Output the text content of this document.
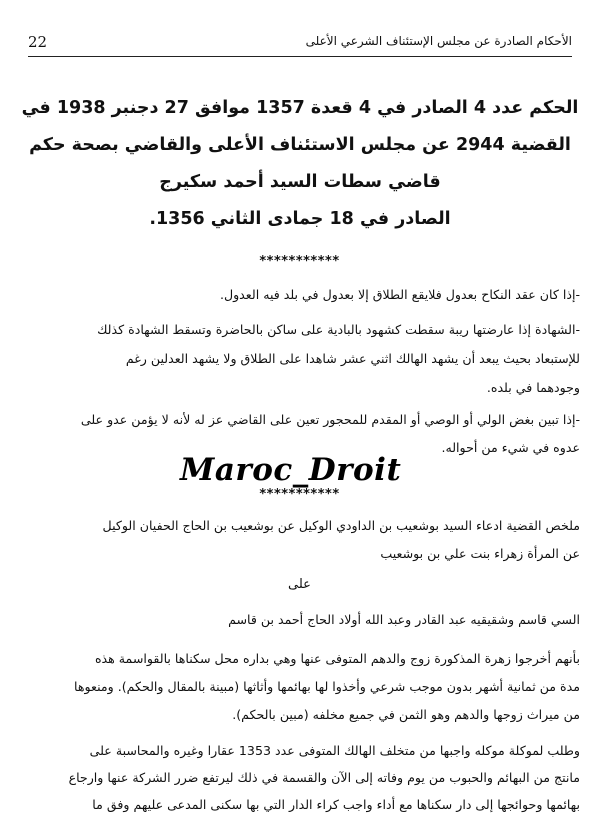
22	الأحكام الصادرة عن مجلس الإستئناف الشرعي الأعلى
الحكم عدد 4 الصادر في 4 قعدة 1357 موافق 27 دجنبر 1938 في
القضية 2944 عن مجلس الاستئناف الأعلى والقاضي بصحة حكم
قاضي سطات السيد أحمد سكيرج
الصادر في 18 جمادى الثاني 1356.
***********
-إذا كان عقد النكاح بعدول فلايقع الطلاق إلا بعدول في بلد فيه العدول.
-الشهادة إذا عارضتها ريبة سقطت كشهود بالبادية على ساكن بالحاضرة وتسقط الشهادة كذلك
للإستبعاد بحيث يبعد أن يشهد الهالك اثني عشر شاهدا على الطلاق ولا يشهد العدلين رغم
وجودهما في بلده.
-إذا تبين بغض الولي أو الوصي أو المقدم للمحجور تعين على القاضي عز له لأنه لا يؤمن عدو على
عدوه في شيء من أحواله.
Maroc_Droit
***********
ملخص القضية ادعاء السيد بوشعيب بن الداودي الوكيل عن بوشعيب بن الحاج الحفيان الوكيل
عن المرأة زهراء بنت علي بن بوشعيب
على
السي قاسم وشقيقيه عبد القادر وعبد الله أولاد الحاج أحمد بن قاسم
بأنهم أخرجوا زهرة المذكورة زوج والدهم المتوفى عنها وهي بداره محل سكناها بالقواسمة هذه
مدة من ثمانية أشهر بدون موجب شرعي وأخذوا لها بهائمها وأثاثها (مبينة بالمقال والحكم). ومنعوها
من ميراث زوجها والدهم وهو الثمن في جميع مخلفه (مبين بالحكم).
وطلب لموكلة موكله واجبها من متخلف الهالك المتوفى عدد 1353 عقارا وغيره والمحاسبة على
مانتج من البهائم والحبوب من يوم وفاته إلى الآن والقسمة في ذلك ليرتفع ضرر الشركة عنها وارجاع
بهائمها وحوائجها إلى دار سكناها مع أداء واجب كراء الدار التي بها سكنى المدعى عليهم وفق ما
